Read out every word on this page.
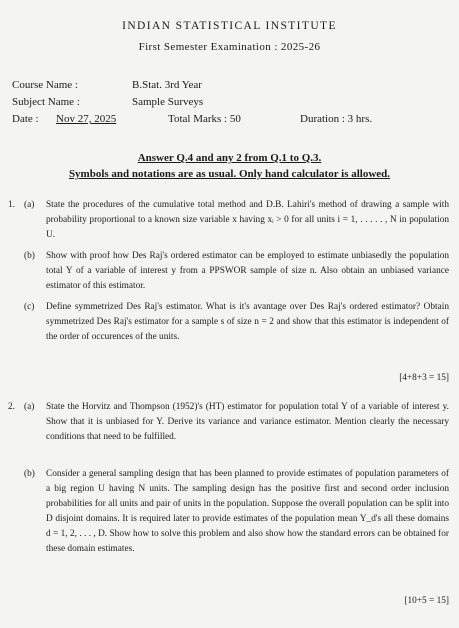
INDIAN STATISTICAL INSTITUTE
First Semester Examination : 2025-26
Course Name :	B.Stat. 3rd Year
Subject Name :	Sample Surveys
Date : Nov 27, 2025	Total Marks : 50	Duration : 3 hrs.
Answer Q.4 and any 2 from Q.1 to Q.3.
Symbols and notations are as usual. Only hand calculator is allowed.
1. (a) State the procedures of the cumulative total method and D.B. Lahiri's method of drawing a sample with probability proportional to a known size variable x having xᵢ > 0 for all units i = 1, . . . . . , N in population U.
(b) Show with proof how Des Raj's ordered estimator can be employed to estimate unbiasedly the population total Y of a variable of interest y from a PPSWOR sample of size n. Also obtain an unbiased variance estimator of this estimator.
(c) Define symmetrized Des Raj's estimator. What is it's avantage over Des Raj's ordered estimator? Obtain symmetrized Des Raj's estimator for a sample s of size n = 2 and show that this estimator is independent of the order of occurences of the units.
[4+8+3 = 15]
2. (a) State the Horvitz and Thompson (1952)'s (HT) estimator for population total Y of a variable of interest y. Show that it is unbiased for Y. Derive its variance and variance estimator. Mention clearly the necessary conditions that need to be fulfilled.
(b) Consider a general sampling design that has been planned to provide estimates of population parameters of a big region U having N units. The sampling design has the positive first and second order inclusion probabilities for all units and pair of units in the population. Suppose the overall population can be split into D disjoint domains. It is required later to provide estimates of the population mean Y_d's all these domains d = 1, 2, . . . , D. Show how to solve this problem and also show how the standard errors can be obtained for these domain estimates.
[10+5 = 15]
